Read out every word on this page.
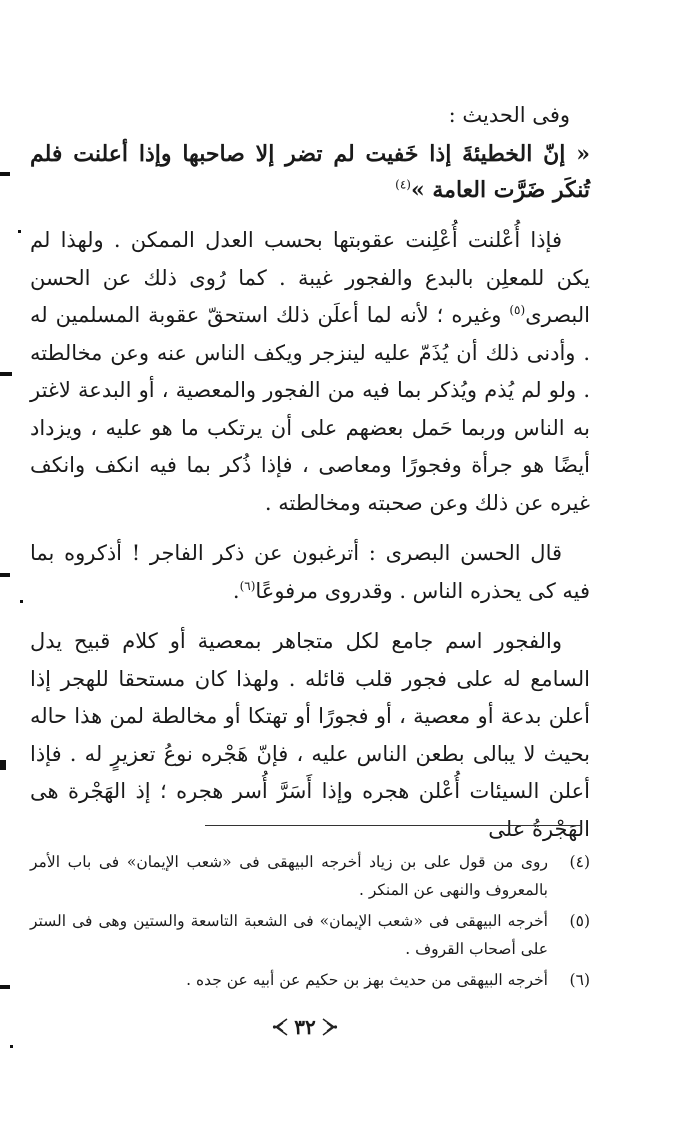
وفى الحديث :
« إنّ الخطيئةَ إذا خَفيت لم تضر إلا صاحبها وإذا أعلنت فلم تُنكَر ضَرَّت العامة »$^{(٤)}$

فإذا أُعْلنت أُعْلِنت عقوبتها بحسب العدل الممكن . ولهذا لم يكن للمعلِن بالبدع والفجور غيبة . كما رُوى ذلك عن الحسن البصرى$^{(٥)}$ وغيره ؛ لأنه لما أعلَن ذلك استحقّ عقوبة المسلمين له . وأدنى ذلك أن يُذَمّ عليه لينزجر ويكف الناس عنه وعن مخالطته . ولو لم يُذم ويُذكر بما فيه من الفجور والمعصية ، أو البدعة لاغتر به الناس وربما حَمل بعضهم على أن يرتكب ما هو عليه ، ويزداد أيضًا هو جرأة وفجورًا ومعاصى ، فإذا ذُكر بما فيه انكف وانكف غيره عن ذلك وعن صحبته ومخالطته .

قال الحسن البصرى : أترغبون عن ذكر الفاجر ! أذكروه بما فيه كى يحذره الناس . وقدروى مرفوعًا$^{(٦)}$.

والفجور اسم جامع لكل متجاهر بمعصية أو كلام قبيح يدل السامع له على فجور قلب قائله . ولهذا كان مستحقا للهجر إذا أعلن بدعة أو معصية ، أو فجورًا أو تهتكا أو مخالطة لمن هذا حاله بحيث لا يبالى بطعن الناس عليه ، فإنّ هَجْره نوعُ تعزيرٍ له . فإذا أعلن السيئات أُعْلن هجره وإذا أَسَرَّ أُسر هجره ؛ إذ الهَجْرة هى الهَجْرةُ على

(٤)
روى من قول على بن زياد أخرجه البيهقى فى «شعب الإيمان» فى باب الأمر بالمعروف والنهى عن المنكر .
(٥)
أخرجه البيهقى فى «شعب الإيمان» فى الشعبة التاسعة والستين وهى فى الستر على أصحاب القروف .
(٦)
أخرجه البيهقى من حديث بهز بن حكيم عن أبيه عن جده .
٣٢
